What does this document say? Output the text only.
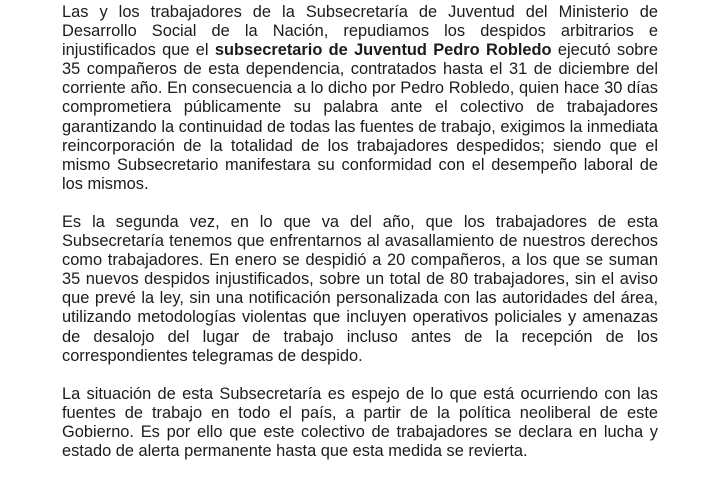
Las y los trabajadores de la Subsecretaría de Juventud del Ministerio de Desarrollo Social de la Nación, repudiamos los despidos arbitrarios e injustificados que el subsecretario de Juventud Pedro Robledo ejecutó sobre 35 compañeros de esta dependencia, contratados hasta el 31 de diciembre del corriente año. En consecuencia a lo dicho por Pedro Robledo, quien hace 30 días comprometiera públicamente su palabra ante el colectivo de trabajadores garantizando la continuidad de todas las fuentes de trabajo, exigimos la inmediata reincorporación de la totalidad de los trabajadores despedidos; siendo que el mismo Subsecretario manifestara su conformidad con el desempeño laboral de los mismos.

Es la segunda vez, en lo que va del año, que los trabajadores de esta Subsecretaría tenemos que enfrentarnos al avasallamiento de nuestros derechos como trabajadores. En enero se despidió a 20 compañeros, a los que se suman 35 nuevos despidos injustificados, sobre un total de 80 trabajadores, sin el aviso que prevé la ley, sin una notificación personalizada con las autoridades del área, utilizando metodologías violentas que incluyen operativos policiales y amenazas de desalojo del lugar de trabajo incluso antes de la recepción de los correspondientes telegramas de despido.

La situación de esta Subsecretaría es espejo de lo que está ocurriendo con las fuentes de trabajo en todo el país, a partir de la política neoliberal de este Gobierno. Es por ello que este colectivo de trabajadores se declara en lucha y estado de alerta permanente hasta que esta medida se revierta.
